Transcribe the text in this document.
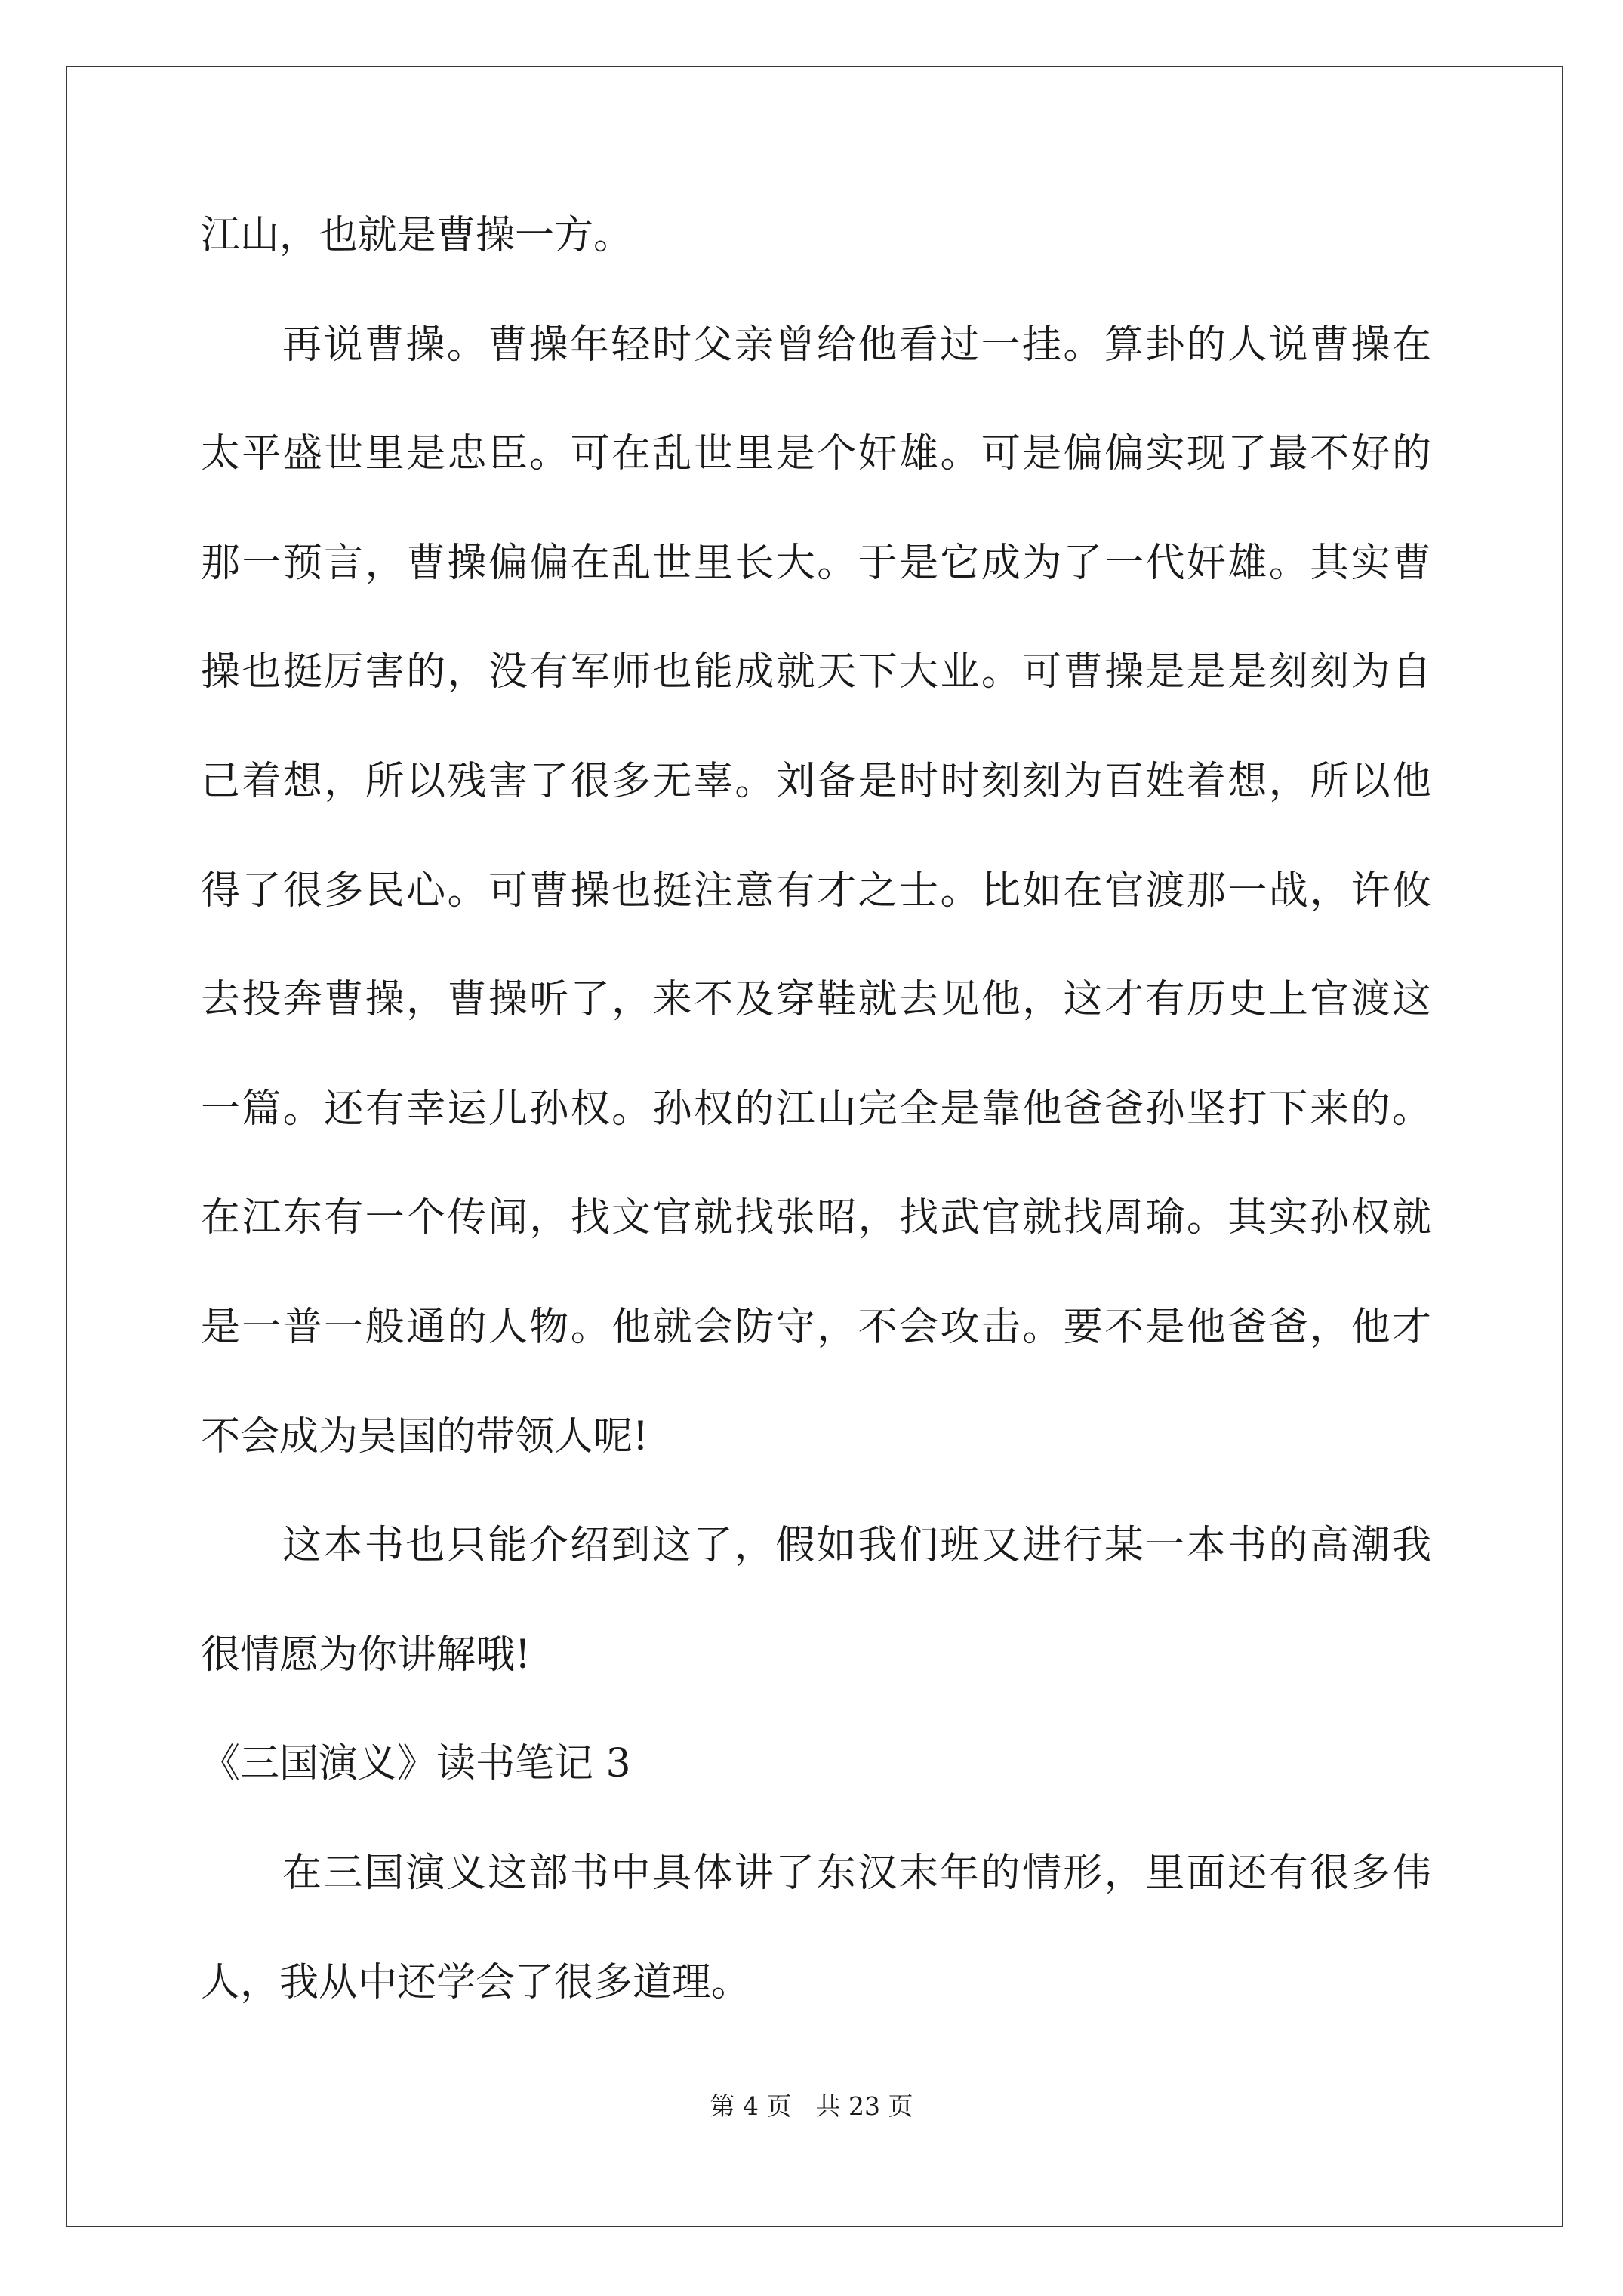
江山，也就是曹操一方。
再说曹操。曹操年轻时父亲曾给他看过一挂。算卦的人说曹操在
太平盛世里是忠臣。可在乱世里是个奸雄。可是偏偏实现了最不好的
那一预言，曹操偏偏在乱世里长大。于是它成为了一代奸雄。其实曹
操也挺厉害的，没有军师也能成就天下大业。可曹操是是是刻刻为自
己着想，所以残害了很多无辜。刘备是时时刻刻为百姓着想，所以他
得了很多民心。可曹操也挺注意有才之士。比如在官渡那一战，许攸
去投奔曹操，曹操听了，来不及穿鞋就去见他，这才有历史上官渡这
一篇。还有幸运儿孙权。孙权的江山完全是靠他爸爸孙坚打下来的。
在江东有一个传闻，找文官就找张昭，找武官就找周瑜。其实孙权就
是一普一般通的人物。他就会防守，不会攻击。要不是他爸爸，他才
不会成为吴国的带领人呢!
这本书也只能介绍到这了，假如我们班又进行某一本书的高潮我
很情愿为你讲解哦!
《三国演义》读书笔记 3
在三国演义这部书中具体讲了东汉末年的情形，里面还有很多伟
人，我从中还学会了很多道理。
第 4 页 共 23 页
